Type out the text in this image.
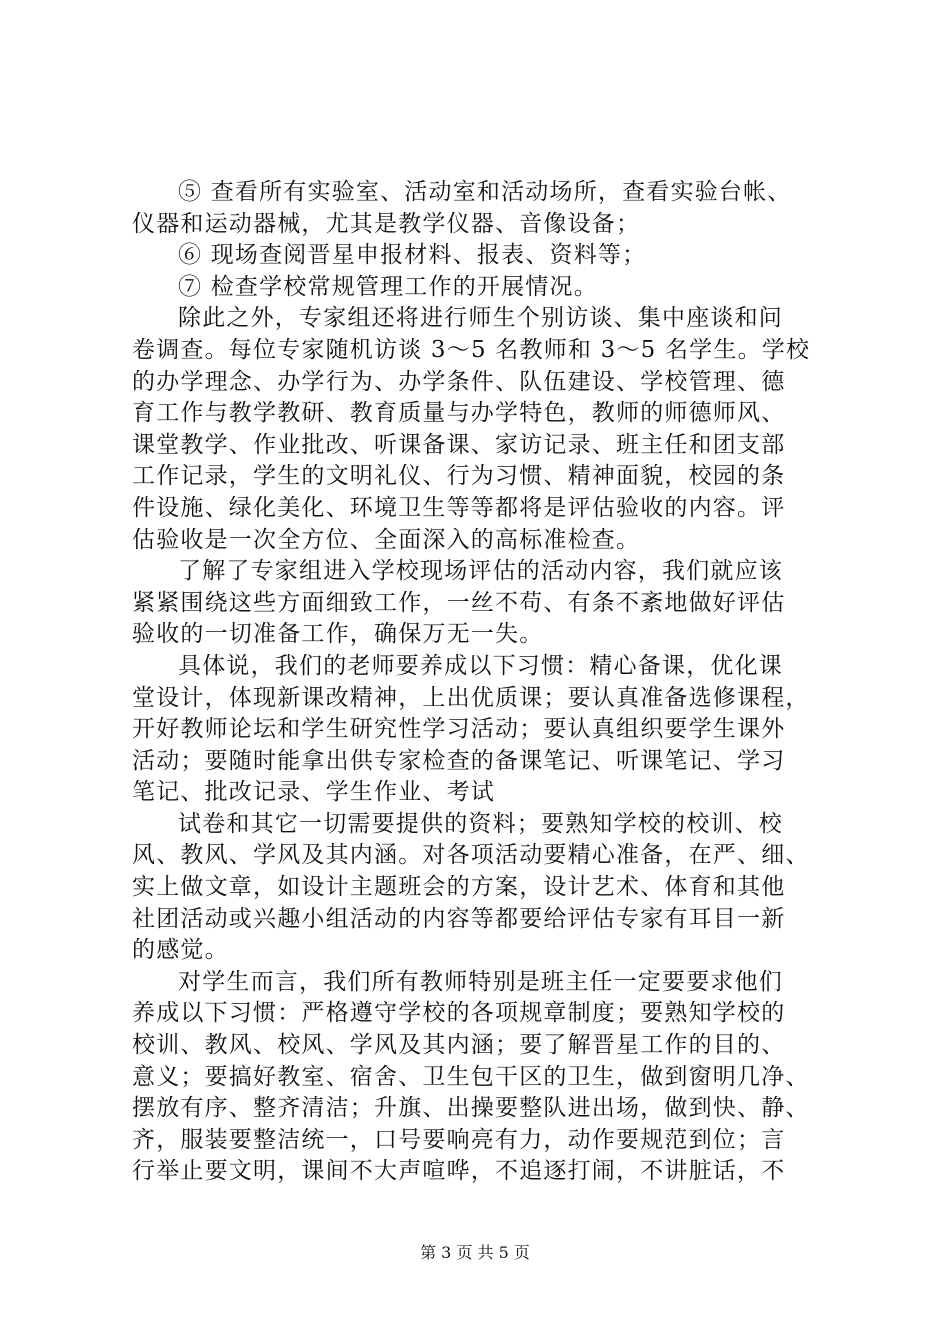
⑤ 查看所有实验室、活动室和活动场所，查看实验台帐、
仪器和运动器械，尤其是教学仪器、音像设备；
⑥ 现场查阅晋星申报材料、报表、资料等；
⑦ 检查学校常规管理工作的开展情况。
除此之外，专家组还将进行师生个别访谈、集中座谈和问
卷调查。每位专家随机访谈 3～5 名教师和 3～5 名学生。学校
的办学理念、办学行为、办学条件、队伍建设、学校管理、德
育工作与教学教研、教育质量与办学特色，教师的师德师风、
课堂教学、作业批改、听课备课、家访记录、班主任和团支部
工作记录，学生的文明礼仪、行为习惯、精神面貌，校园的条
件设施、绿化美化、环境卫生等等都将是评估验收的内容。评
估验收是一次全方位、全面深入的高标准检查。
了解了专家组进入学校现场评估的活动内容，我们就应该
紧紧围绕这些方面细致工作，一丝不苟、有条不紊地做好评估
验收的一切准备工作，确保万无一失。
具体说，我们的老师要养成以下习惯：精心备课，优化课
堂设计，体现新课改精神，上出优质课；要认真准备选修课程，
开好教师论坛和学生研究性学习活动；要认真组织要学生课外
活动；要随时能拿出供专家检查的备课笔记、听课笔记、学习
笔记、批改记录、学生作业、考试
试卷和其它一切需要提供的资料；要熟知学校的校训、校
风、教风、学风及其内涵。对各项活动要精心准备，在严、细、
实上做文章，如设计主题班会的方案，设计艺术、体育和其他
社团活动或兴趣小组活动的内容等都要给评估专家有耳目一新
的感觉。
对学生而言，我们所有教师特别是班主任一定要要求他们
养成以下习惯：严格遵守学校的各项规章制度；要熟知学校的
校训、教风、校风、学风及其内涵；要了解晋星工作的目的、
意义；要搞好教室、宿舍、卫生包干区的卫生，做到窗明几净、
摆放有序、整齐清洁；升旗、出操要整队进出场，做到快、静、
齐，服装要整洁统一，口号要响亮有力，动作要规范到位；言
行举止要文明，课间不大声喧哗，不追逐打闹，不讲脏话，不
第 3 页 共 5 页
